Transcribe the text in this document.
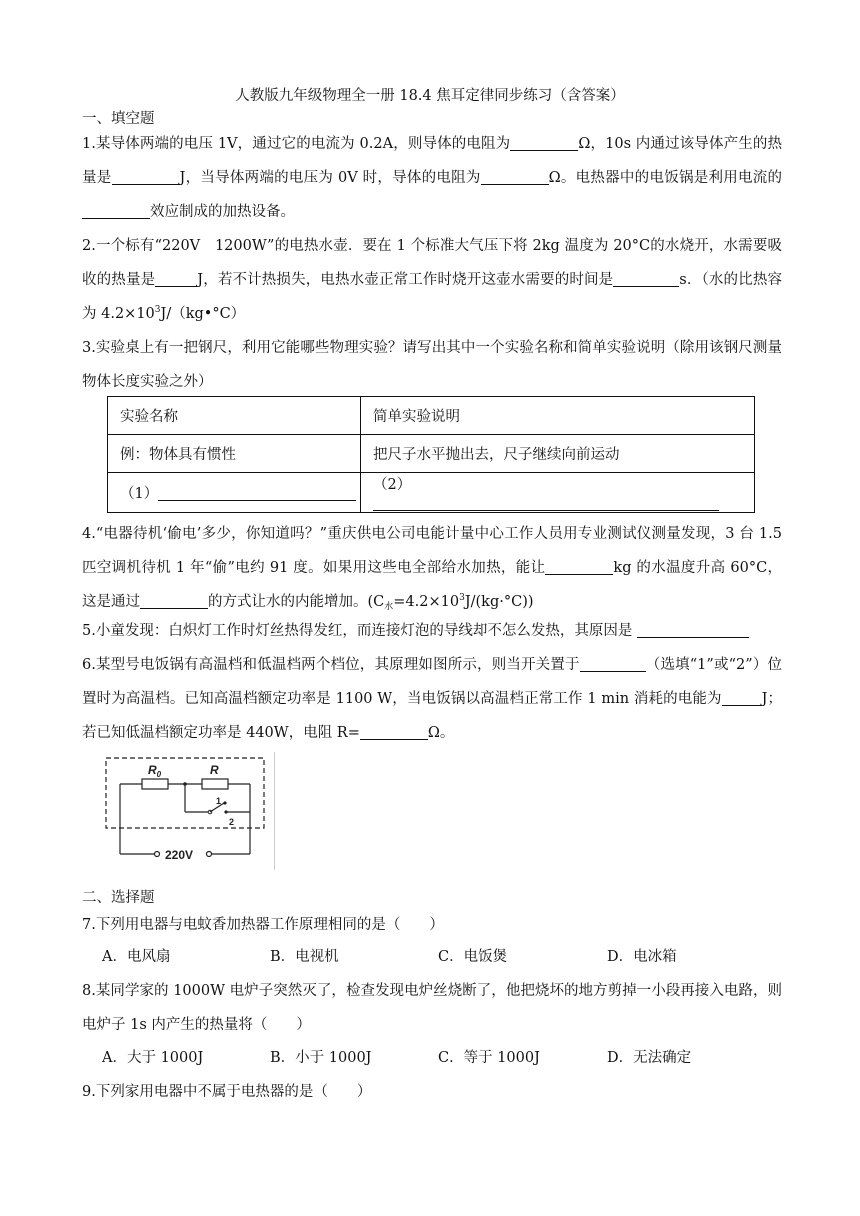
人教版九年级物理全一册 18.4 焦耳定律同步练习（含答案）
一、填空题
1.某导体两端的电压 1V，通过它的电流为 0.2A，则导体的电阻为	Ω，10s 内通过该导体产生的热量是	J，当导体两端的电压为 0V 时，导体的电阻为	Ω。电热器中的电饭锅是利用电流的效应制成的加热设备。
2.一个标有“220V　1200W”的电热水壶．要在 1 个标准大气压下将 2kg 温度为 20°C的水烧开，水需要吸收的热量是	J，若不计热损失，电热水壶正常工作时烧开这壶水需要的时间是	s．（水的比热容为 $4.2\times 10^3J/(kg•^\circ C)$
3.实验桌上有一把钢尺，利用它能哪些物理实验？请写出其中一个实验名称和简单实验说明（除用该钢尺测量物体长度实验之外）
实验名称	简单实验说明
例：物体具有惯性	把尺子水平抛出去，尺子继续向前运动
（1）	（2）
4.“电器待机‘偷电’多少，你知道吗？”重庆供电公司电能计量中心工作人员用专业测试仪测量发现，3 台 1.5 匹空调机待机 1 年“偷”电约 91 度。如果用这些电全部给水加热，能让	kg 的水温度升高 60°C，这是通过	的方式让水的内能增加。$(C_水=4.2\times 10^3J/(kg\cdot^\circ C))$
5.小童发现：白炽灯工作时灯丝热得发红，而连接灯泡的导线却不怎么发热，其原因是
6.某型号电饭锅有高温档和低温档两个档位，其原理如图所示，则当开关置于	（选填“1”或“2”）位置时为高温档。已知高温档额定功率是 1100 W，当电饭锅以高温档正常工作 1 min 消耗的电能为	J；若已知低温档额定功率是 440W，电阻 R=	Ω。
$R_0$	R
1
2
220V
二、选择题
7.下列用电器与电蚊香加热器工作原理相同的是（　　）
A．电风扇	B．电视机	C．电饭煲	D．电冰箱
8.某同学家的 1000W 电炉子突然灭了，检查发现电炉丝烧断了，他把烧坏的地方剪掉一小段再接入电路，则电炉子 1s 内产生的热量将（　　）
A．大于 1000J	B．小于 1000J	C．等于 1000J	D．无法确定
9.下列家用电器中不属于电热器的是（　　）
